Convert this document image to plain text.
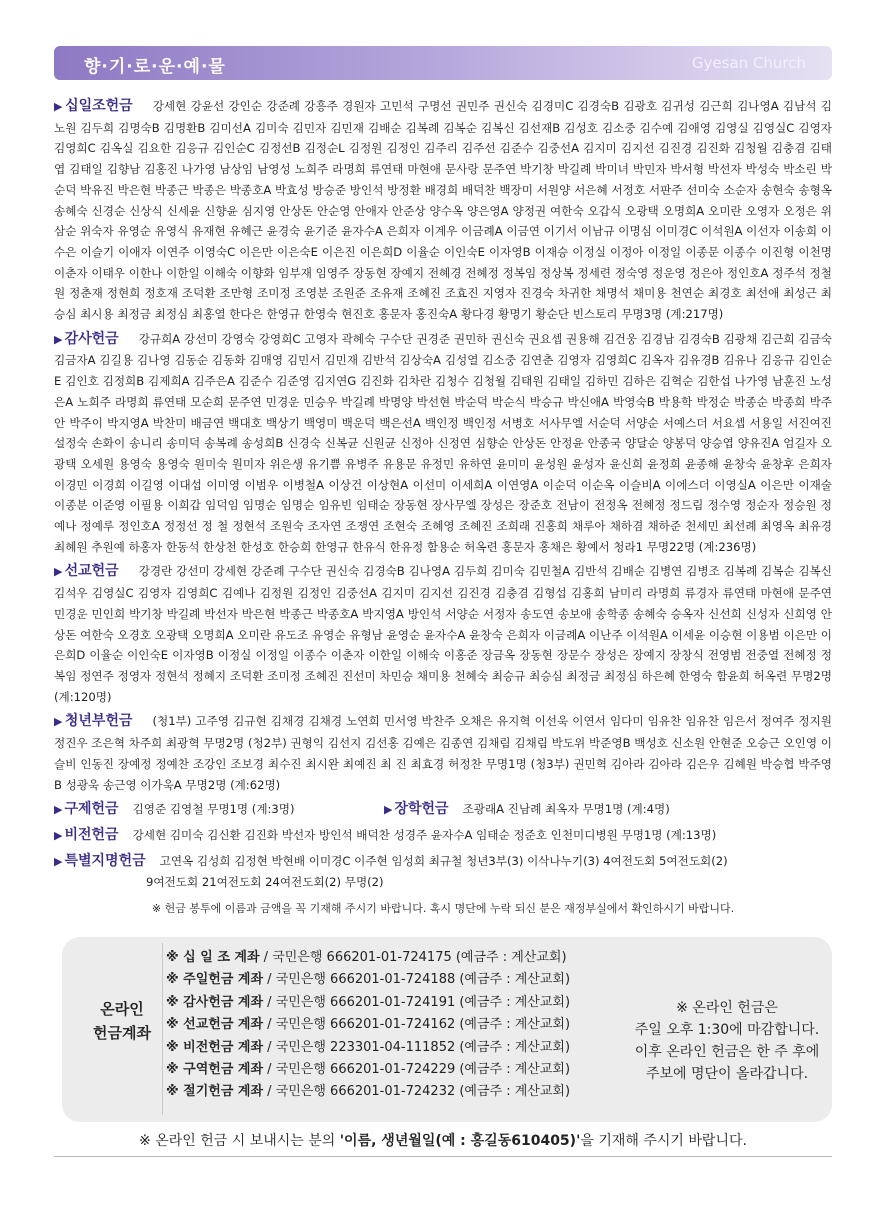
향·기·로·운·예·물	Gyesan Church
▶ 십일조헌금 강세현 강윤선 강인순 강준례 강흥주 경원자 고민석 구명선 권민주 권신숙 김경미C 김경숙B 김광호 김귀성 김근희 김나영A 김남석 김노원 김두희 김명숙B 김명환B 김미선A 김미숙 김민자 김민재 김배순 김복례 김복순 김복신 김선재B 김성호 김소중 김수예 김애영 김영실 김영실C 김영자 김영희C 김옥실 김요한 김응규 김인순C 김정선B 김정순L 김정원 김정인 김주리 김주선 김준수 김중선A 김지미 김지선 김진경 김진화 김청월 김충겸 김태엽 김태일 김향남 김홍진 나가영 남상임 남영성 노희주 라명희 류연태 마현애 문사랑 문주연 박기창 박길례 박미녀 박민자 박서형 박선자 박성숙 박소린 박순덕 박유진 박은현 박종근 박종은 박종호A 박효성 방승준 방인석 방정환 배경희 배덕찬 백장미 서원양 서은혜 서정호 서판주 선미숙 소순자 송현숙 송형옥 송혜숙 신경순 신상식 신세윤 신향윤 심지영 안상돈 안순영 안애자 안준상 양수옥 양은영A 양정권 여한숙 오갑식 오광택 오명희A 오미란 오영자 오정은 위삼순 위숙자 유영순 유영식 유재현 유혜근 윤경숙 윤기준 윤자수A 은희자 이계우 이금례A 이금연 이기서 이남규 이명심 이미경C 이석원A 이선자 이송희 이수은 이슬기 이애자 이연주 이영숙C 이은만 이은숙E 이은진 이은희D 이율순 이인숙E 이자영B 이재승 이정실 이정아 이정일 이종문 이종수 이진형 이천명 이춘자 이태우 이한나 이한일 이해숙 이향화 임부재 임영주 장동현 장예지 전혜경 전혜정 정복임 정상복 정세련 정숙영 정운영 정은아 정인호A 정주석 정철원 정춘재 정현희 정호재 조덕환 조만형 조미정 조영분 조원준 조유재 조혜진 조효진 지영자 진경숙 차귀한 채명석 채미용 천연순 최경호 최선애 최성근 최승심 최시용 최정금 최정심 최홍열 한다은 한영규 한영숙 현진호 홍문자 홍진숙A 황다경 황명기 황순단 빈스토리 무명3명 (계:217명)
▶ 감사헌금 강규희A 강선미 강영숙 강영희C 고영자 곽혜숙 구수단 권경준 권민하 권신숙 권요셉 권용해 김건웅 김경남 김경숙B 김광채 김근희 김금숙 김금자A 김길용 김나영 김동순 김동화 김매영 김민서 김민재 김반석 김상숙A 김성열 김소중 김연춘 김영자 김영희C 김옥자 김유경B 김유나 김응규 김인순E 김인호 김정희B 김제희A 김주은A 김준수 김준영 김지연G 김진화 김차란 김청수 김청월 김태원 김태일 김하민 김하은 김혁순 김한섭 나가영 남훈진 노성은A 노희주 라명희 류연태 모순희 문주연 민경운 민승우 박길례 박명양 박선현 박순덕 박순식 박승규 박신애A 박영숙B 박용학 박정순 박종순 박종희 박주안 박주이 박지영A 박찬미 배금연 백대호 백상기 백영미 백운덕 백은선A 백인정 백인정 서병호 서사무엘 서순덕 서양순 서예스더 서요셉 서용일 서진여진 설정숙 손화이 송니리 송미덕 송복례 송성희B 신경숙 신복균 신원균 신정아 신정연 심향순 안상돈 안정윤 안종국 양달순 양봉덕 양승엽 양유진A 엄길자 오광택 오세원 용영숙 용영숙 원미숙 원미자 위은생 유기쁨 유병주 유용문 유정민 유하연 윤미미 윤성원 윤성자 윤신희 윤정희 윤종해 윤창숙 윤창후 은희자 이경민 이경희 이길영 이대섭 이미영 이범우 이병철A 이상건 이상현A 이선미 이세희A 이연영A 이순덕 이순옥 이슬비A 이에스더 이영실A 이은만 이재술 이종분 이준영 이필용 이희갑 임덕임 임명순 임명순 임유빈 임태순 장동현 장사무엘 장성은 장준호 전남이 전정옥 전혜정 정드림 정수영 정순자 정승원 정예나 정예루 정인호A 정정선 정 철 정현석 조원숙 조자연 조쟁연 조현숙 조혜영 조혜진 조희래 진홍희 채루아 채하겸 채하준 천세민 최선례 최영옥 최유경 최혜원 추원예 하홍자 한동석 한상천 한성호 한승희 한영규 한유식 한유정 함용순 허옥련 홍문자 홍채은 황예서 청라1 무명22명 (계:236명)
▶ 선교헌금 강경란 강선미 강세현 강준례 구수단 권신숙 김경숙B 김나영A 김두희 김미숙 김민철A 김반석 김배순 김병연 김병조 김복례 김복순 김복신 김석우 김영실C 김영자 김영희C 김예나 김정원 김정인 김중선A 김지미 김지선 김진경 김충겸 김형섭 김홍희 남미리 라명희 류경자 류연태 마현애 문주연 민경운 민인희 박기창 박길례 박선자 박은현 박종근 박종호A 박지영A 방인석 서양순 서정자 송도연 송보애 송학종 송혜숙 승옥자 신선희 신성자 신희영 안상돈 여한숙 오경호 오광택 오명희A 오미란 유도조 유영순 유형남 윤영순 윤자수A 윤창숙 은희자 이금례A 이난주 이석원A 이세윤 이승현 이용범 이은만 이은희D 이율순 이인숙E 이자영B 이정실 이정일 이종수 이춘자 이한일 이해숙 이홍준 장금옥 장동현 장문수 장성은 장예지 장창식 전영범 전중열 전혜정 정복임 정연주 정영자 정현석 정혜지 조덕환 조미정 조혜진 진선미 차민승 채미용 천혜숙 최승규 최승심 최정금 최정심 하은혜 한영숙 함윤희 허옥련 무명2명 (계:120명)
▶ 청년부헌금 (청1부) 고주영 김규현 김채경 김채경 노연희 민서영 박찬주 오채은 유지혁 이선욱 이연서 임다미 임유찬 임유찬 임은서 정여주 정지원 정진우 조은혁 차주희 최광혁 무명2명 (청2부) 권형익 김선지 김선홍 김예은 김종연 김채림 김채림 박도위 박준영B 백성호 신소원 안현준 오승근 오인영 이슬비 인동진 장예정 정예찬 조강인 조보경 최수진 최시완 최예진 최 진 최효경 허정찬 무명1명 (청3부) 권민혁 김아라 김아라 김은우 김혜원 박승협 박주영B 성광욱 송근영 이가욱A 무명2명 (계:62명)
▶ 구제헌금 김영준 김영철 무명1명 (계:3명)	▶ 장학헌금 조광래A 진남례 최옥자 무명1명 (계:4명)
▶ 비전헌금 강세현 김미숙 김신환 김진화 박선자 방인석 배덕찬 성경주 윤자수A 임태순 정준호 인천미디병원 무명1명 (계:13명)
▶ 특별지명헌금 고연옥 김성희 김정현 박현배 이미경C 이주현 임성희 최규철 청년3부(3) 이삭나누기(3) 4여전도회 5여전도회(2)
9여전도회 21여전도회 24여전도회(2) 무명(2)
※ 헌금 봉투에 이름과 금액을 꼭 기재해 주시기 바랍니다. 혹시 명단에 누락 되신 분은 재정부실에서 확인하시기 바랍니다.
온라인
헌금계좌
※ 십 일 조 계좌 / 국민은행 666201-01-724175 (예금주 : 계산교회)
※ 주일헌금 계좌 / 국민은행 666201-01-724188 (예금주 : 계산교회)
※ 감사헌금 계좌 / 국민은행 666201-01-724191 (예금주 : 계산교회)
※ 선교헌금 계좌 / 국민은행 666201-01-724162 (예금주 : 계산교회)
※ 비전헌금 계좌 / 국민은행 223301-04-111852 (예금주 : 계산교회)
※ 구역헌금 계좌 / 국민은행 666201-01-724229 (예금주 : 계산교회)
※ 절기헌금 계좌 / 국민은행 666201-01-724232 (예금주 : 계산교회)
※ 온라인 헌금은
주일 오후 1:30에 마감합니다.
이후 온라인 헌금은 한 주 후에
주보에 명단이 올라갑니다.
※ 온라인 헌금 시 보내시는 분의 '이름, 생년월일(예 : 홍길동610405)'을 기재해 주시기 바랍니다.
